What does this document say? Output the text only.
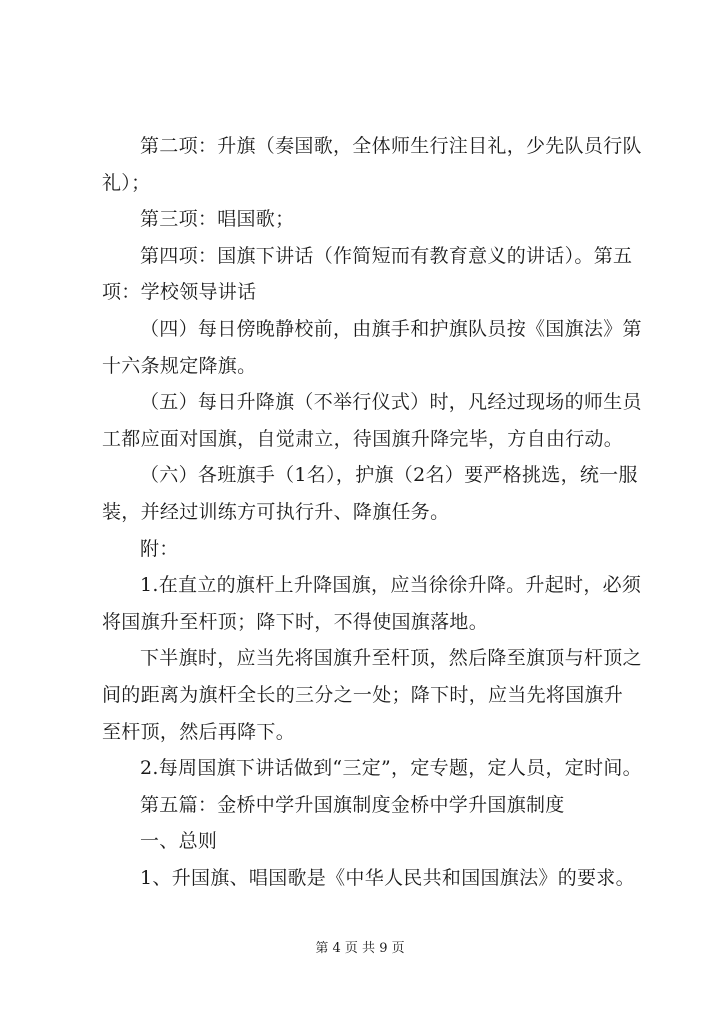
第二项：升旗（奏国歌，全体师生行注目礼，少先队员行队礼）；

第三项：唱国歌；

第四项：国旗下讲话（作简短而有教育意义的讲话）。第五项：学校领导讲话

（四）每日傍晚静校前，由旗手和护旗队员按《国旗法》第十六条规定降旗。

（五）每日升降旗（不举行仪式）时，凡经过现场的师生员工都应面对国旗，自觉肃立，待国旗升降完毕，方自由行动。

（六）各班旗手（1名），护旗（2名）要严格挑选，统一服装，并经过训练方可执行升、降旗任务。

附：

1.在直立的旗杆上升降国旗，应当徐徐升降。升起时，必须将国旗升至杆顶；降下时，不得使国旗落地。

下半旗时，应当先将国旗升至杆顶，然后降至旗顶与杆顶之间的距离为旗杆全长的三分之一处；降下时，应当先将国旗升至杆顶，然后再降下。

2.每周国旗下讲话做到“三定”，定专题，定人员，定时间。

第五篇：金桥中学升国旗制度金桥中学升国旗制度

一、总则

1、升国旗、唱国歌是《中华人民共和国国旗法》的要求。

第 4 页 共 9 页
